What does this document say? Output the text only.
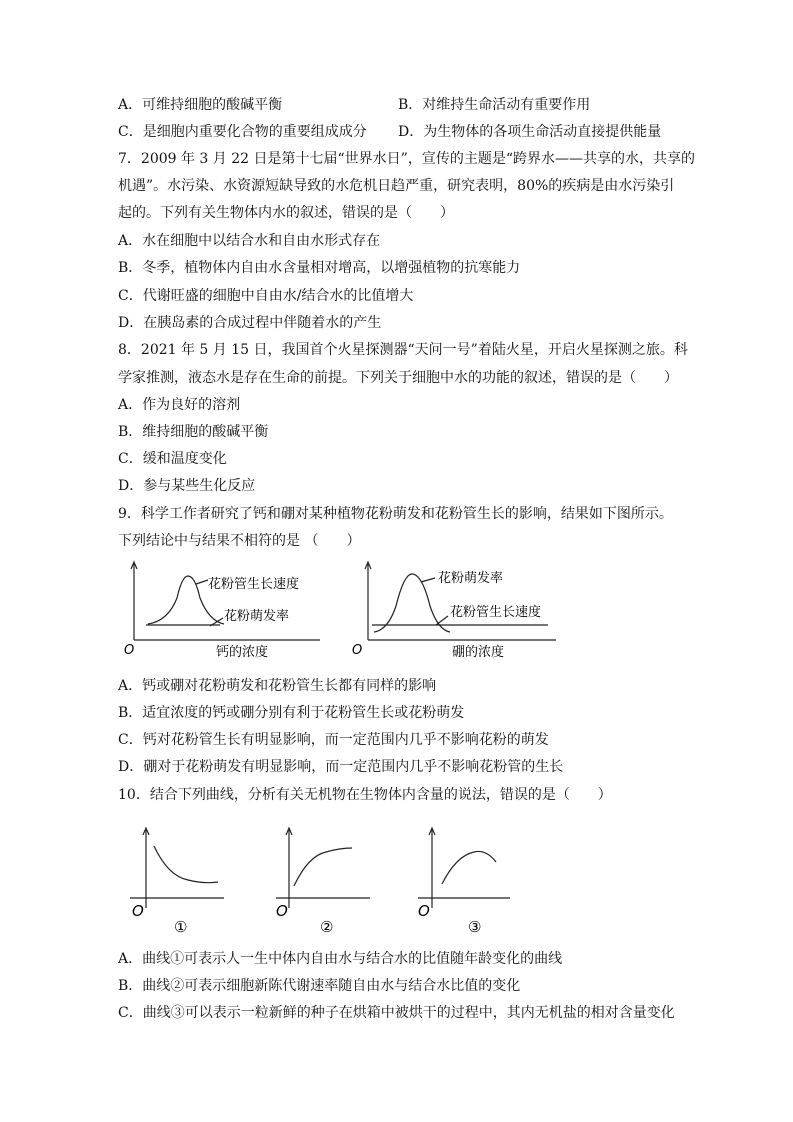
A．可维持细胞的酸碱平衡	B．对维持生命活动有重要作用
C．是细胞内重要化合物的重要组成成分 D．为生物体的各项生命活动直接提供能量
7．2009 年 3 月 22 日是第十七届“世界水日”，宣传的主题是“跨界水——共享的水，共享的
机遇”。水污染、水资源短缺导致的水危机日趋严重，研究表明，80%的疾病是由水污染引
起的。下列有关生物体内水的叙述，错误的是（　　）
A．水在细胞中以结合水和自由水形式存在
B．冬季，植物体内自由水含量相对增高，以增强植物的抗寒能力
C．代谢旺盛的细胞中自由水/结合水的比值增大
D．在胰岛素的合成过程中伴随着水的产生
8．2021 年 5 月 15 日，我国首个火星探测器“天问一号”着陆火星，开启火星探测之旅。科
学家推测，液态水是存在生命的前提。下列关于细胞中水的功能的叙述，错误的是（　　）
A．作为良好的溶剂
B．维持细胞的酸碱平衡
C．缓和温度变化
D．参与某些生化反应
9．科学工作者研究了钙和硼对某种植物花粉萌发和花粉管生长的影响，结果如下图所示。
下列结论中与结果不相符的是 （　　）
O	钙的浓度
花粉管生长速度
花粉萌发率
O	硼的浓度
花粉萌发率
花粉管生长速度
A．钙或硼对花粉萌发和花粉管生长都有同样的影响
B．适宜浓度的钙或硼分别有利于花粉管生长或花粉萌发
C．钙对花粉管生长有明显影响，而一定范围内几乎不影响花粉的萌发
D．硼对于花粉萌发有明显影响，而一定范围内几乎不影响花粉管的生长
10．结合下列曲线，分析有关无机物在生物体内含量的说法，错误的是（　　）
O
①
O
②
O
③
A．曲线①可表示人一生中体内自由水与结合水的比值随年龄变化的曲线
B．曲线②可表示细胞新陈代谢速率随自由水与结合水比值的变化
C．曲线③可以表示一粒新鲜的种子在烘箱中被烘干的过程中，其内无机盐的相对含量变化
